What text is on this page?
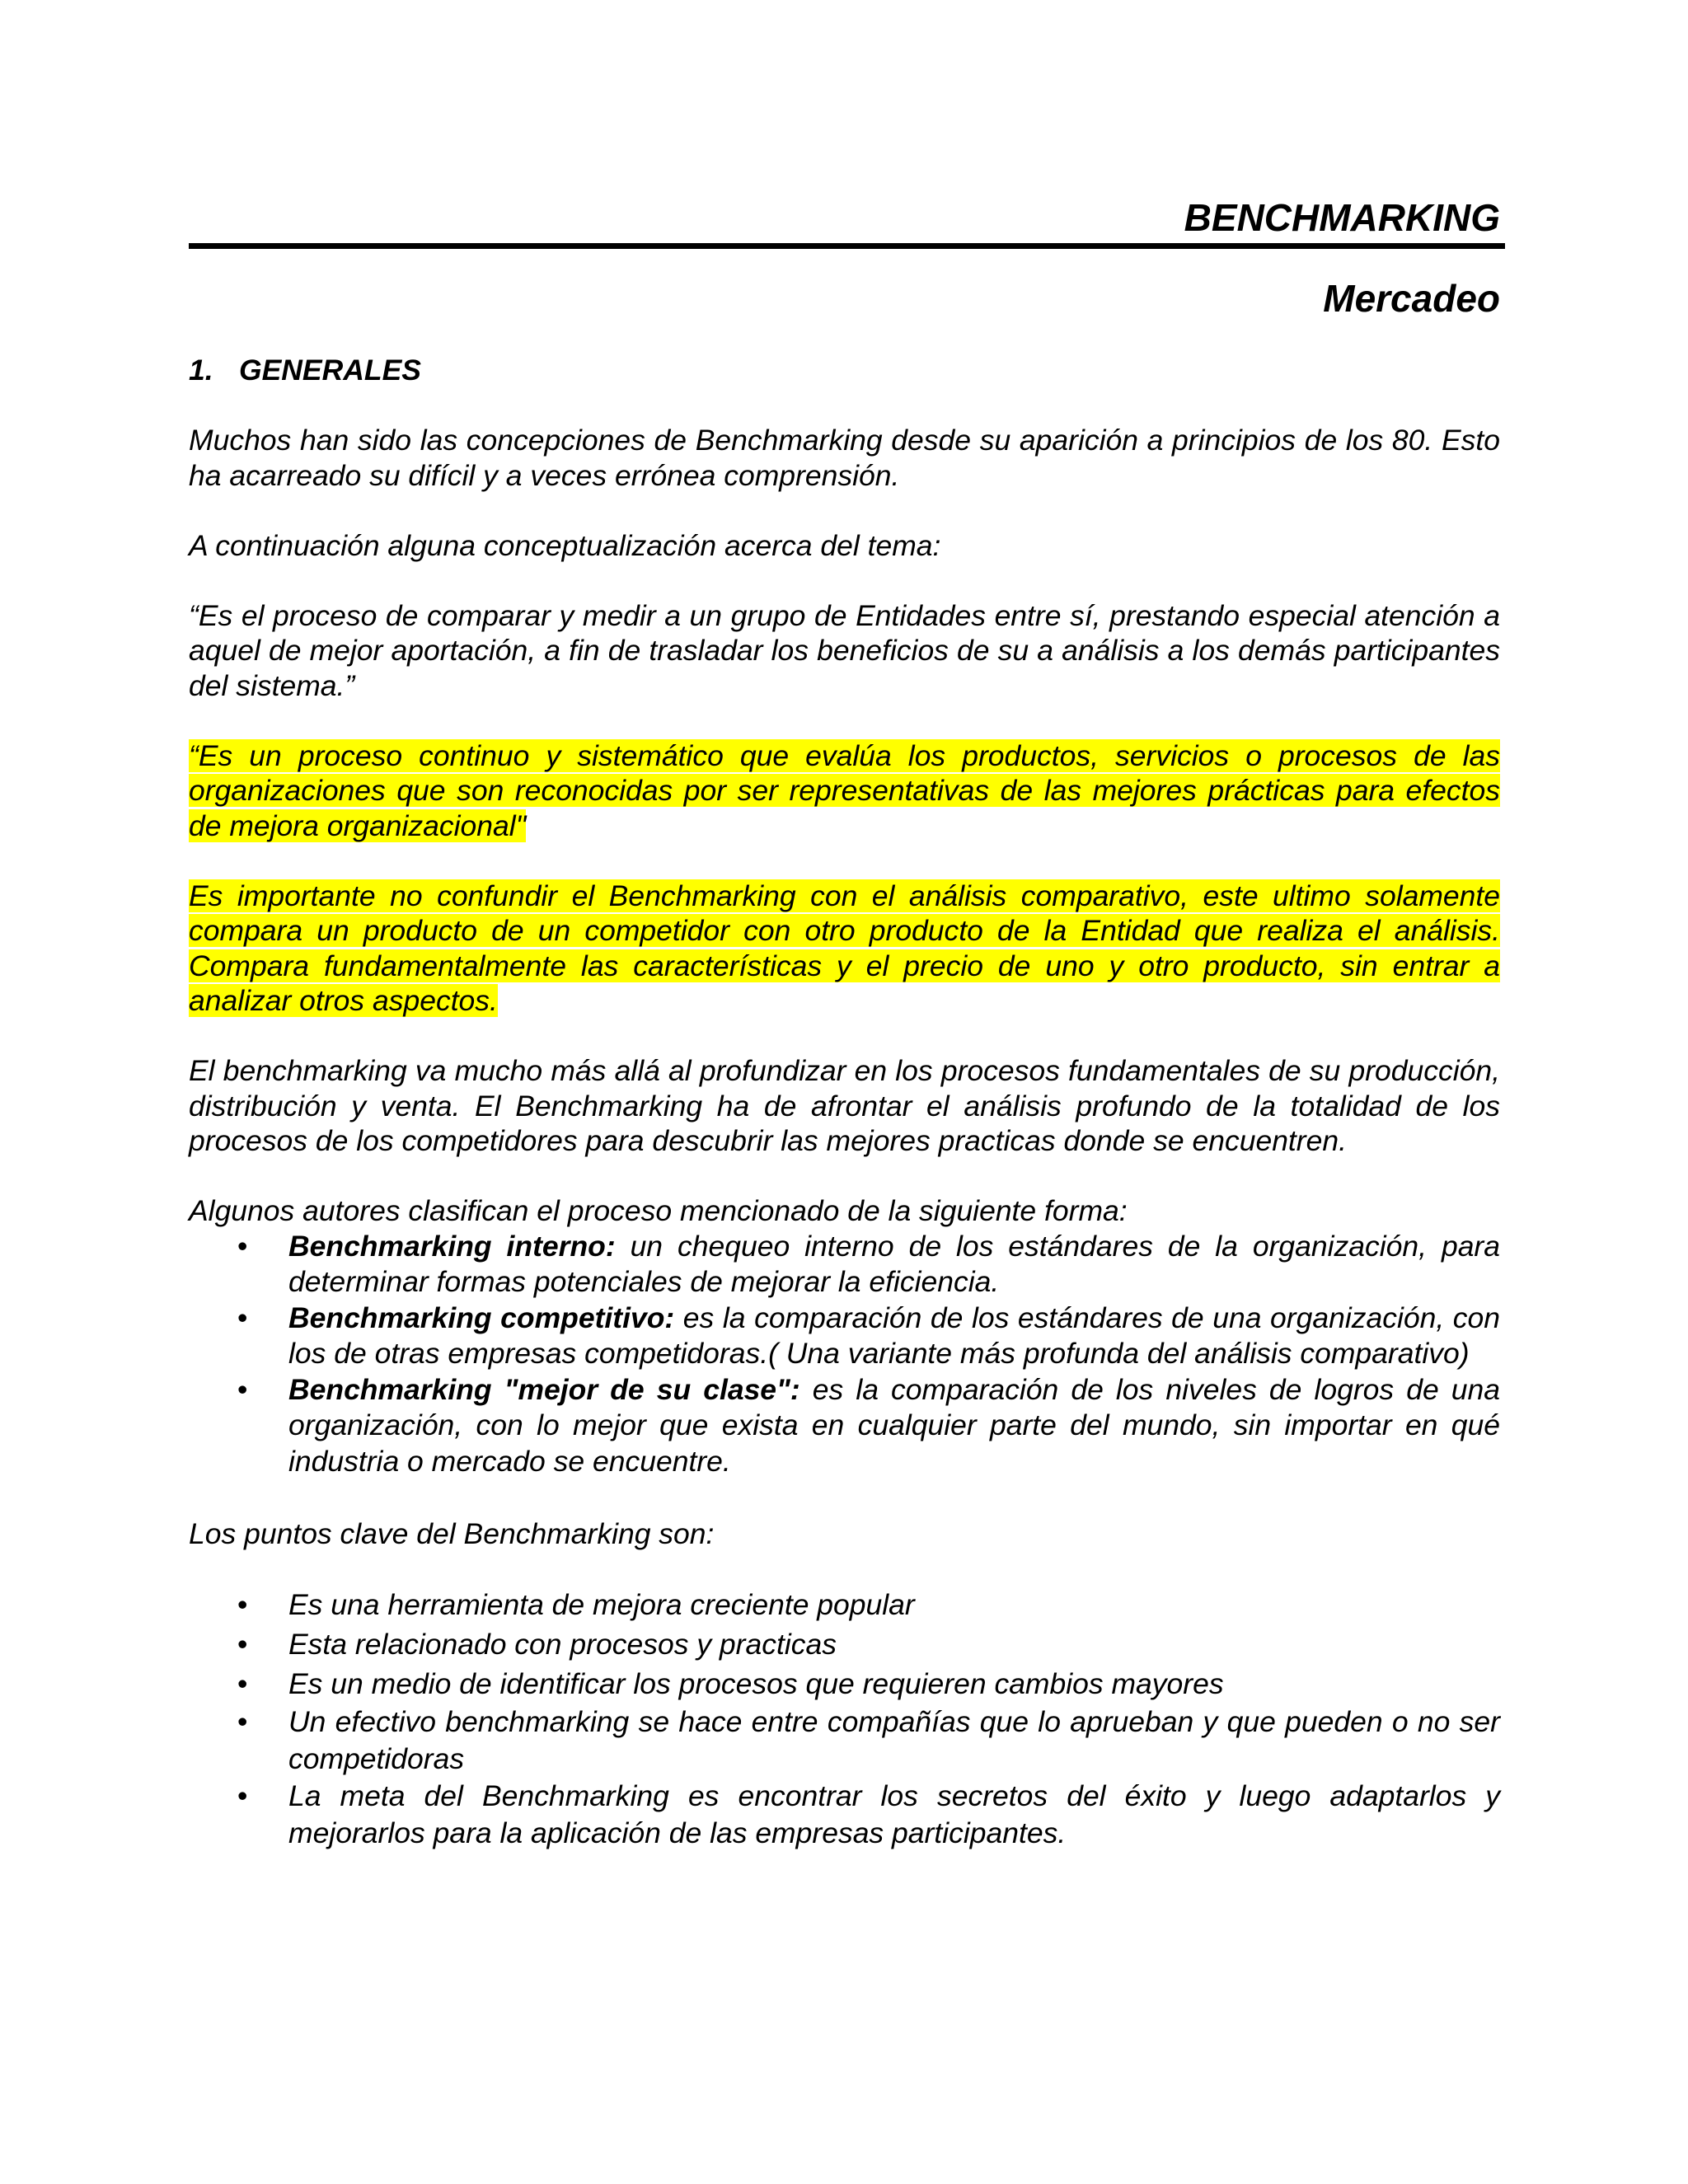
BENCHMARKING
Mercadeo
1. GENERALES

Muchos han sido las concepciones de Benchmarking desde su aparición a principios de los 80. Esto ha acarreado su difícil y a veces errónea comprensión.

A continuación alguna conceptualización acerca del tema:

“Es el proceso de comparar y medir a un grupo de Entidades entre sí, prestando especial atención a aquel de mejor aportación, a fin de trasladar los beneficios de su a análisis a los demás participantes del sistema.”

“Es un proceso continuo y sistemático que evalúa los productos, servicios o procesos de las organizaciones que son reconocidas por ser representativas de las mejores prácticas para efectos de mejora organizacional"

Es importante no confundir el Benchmarking con el análisis comparativo, este ultimo solamente compara un producto de un competidor con otro producto de la Entidad que realiza el análisis. Compara fundamentalmente las características y el precio de uno y otro producto, sin entrar a analizar otros aspectos.

El benchmarking va mucho más allá al profundizar en los procesos fundamentales de su producción, distribución y venta. El Benchmarking ha de afrontar el análisis profundo de la totalidad de los procesos de los competidores para descubrir las mejores practicas donde se encuentren.

Algunos autores clasifican el proceso mencionado de la siguiente forma:

• Benchmarking interno: un chequeo interno de los estándares de la organización, para determinar formas potenciales de mejorar la eficiencia.
• Benchmarking competitivo: es la comparación de los estándares de una organización, con los de otras empresas competidoras.( Una variante más profunda del análisis comparativo)
• Benchmarking "mejor de su clase": es la comparación de los niveles de logros de una organización, con lo mejor que exista en cualquier parte del mundo, sin importar en qué industria o mercado se encuentre.

Los puntos clave del Benchmarking son:

• Es una herramienta de mejora creciente popular
• Esta relacionado con procesos y practicas
• Es un medio de identificar los procesos que requieren cambios mayores
• Un efectivo benchmarking se hace entre compañías que lo aprueban y que pueden o no ser competidoras
• La meta del Benchmarking es encontrar los secretos del éxito y luego adaptarlos y mejorarlos para la aplicación de las empresas participantes.
